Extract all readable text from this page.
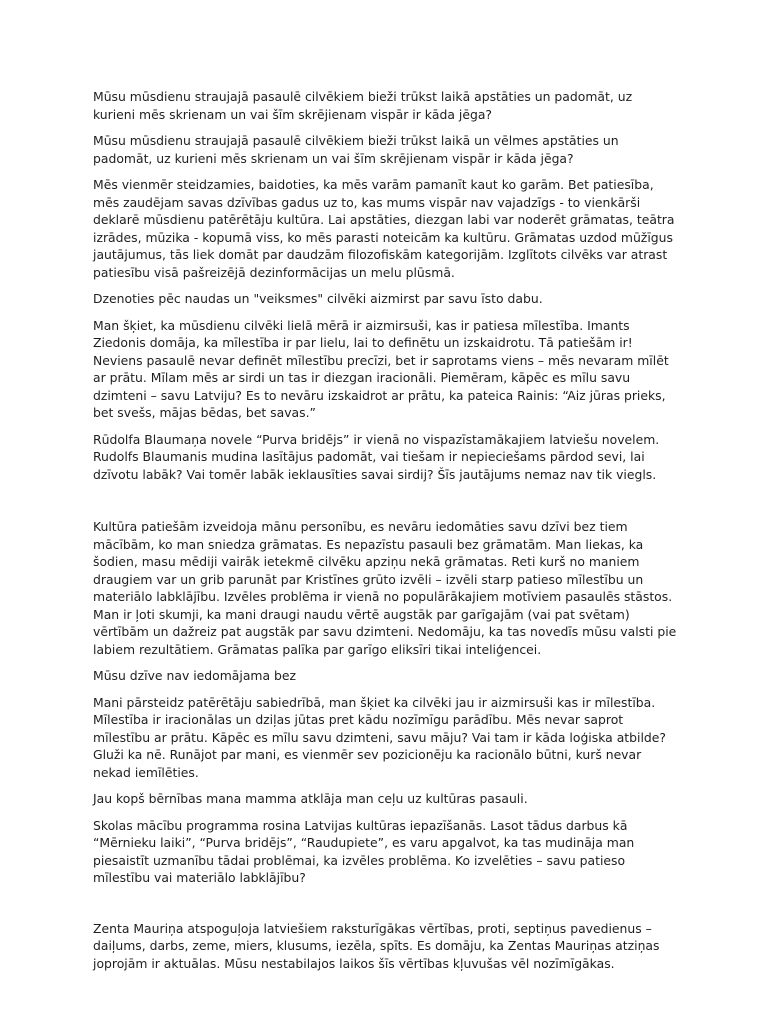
Mūsu mūsdienu straujajā pasaulē cilvēkiem bieži trūkst laikā apstāties un padomāt, uz kurieni mēs skrienam un vai šīm skrējienam vispār ir kāda jēga?

Mūsu mūsdienu straujajā pasaulē cilvēkiem bieži trūkst laikā un vēlmes apstāties un padomāt, uz kurieni mēs skrienam un vai šīm skrējienam vispār ir kāda jēga?

Mēs vienmēr steidzamies, baidoties, ka mēs varām pamanīt kaut ko garām. Bet patiesība, mēs zaudējam savas dzīvības gadus uz to, kas mums vispār nav vajadzīgs - to vienkārši deklarē mūsdienu patērētāju kultūra. Lai apstāties, diezgan labi var noderēt grāmatas, teātra izrādes, mūzika - kopumā viss, ko mēs parasti noteicām ka kultūru. Grāmatas uzdod mūžīgus jautājumus, tās liek domāt par daudzām filozofiskām kategorijām. Izglītots cilvēks var atrast patiesību visā pašreizējā dezinformācijas un melu plūsmā.

Dzenoties pēc naudas un "veiksmes" cilvēki aizmirst par savu īsto dabu.

Man šķiet, ka mūsdienu cilvēki lielā mērā ir aizmirsuši, kas ir patiesa mīlestība. Imants Ziedonis domāja, ka mīlestība ir par lielu, lai to definētu un izskaidrotu. Tā patiešām ir! Neviens pasaulē nevar definēt mīlestību precīzi, bet ir saprotams viens – mēs nevaram mīlēt ar prātu. Mīlam mēs ar sirdi un tas ir diezgan iracionāli. Piemēram, kāpēc es mīlu savu dzimteni – savu Latviju? Es to nevāru izskaidrot ar prātu, ka pateica Rainis: “Aiz jūras prieks, bet svešs, mājas bēdas, bet savas.”

Rūdolfa Blaumaņa novele “Purva bridējs” ir vienā no vispazīstamākajiem latviešu novelem. Rudolfs Blaumanis mudina lasītājus padomāt, vai tiešam ir nepieciešams pārdod sevi, lai dzīvotu labāk? Vai tomēr labāk ieklausīties savai sirdij? Šīs jautājums nemaz nav tik viegls.

Kultūra patiešām izveidoja mānu personību, es nevāru iedomāties savu dzīvi bez tiem mācībām, ko man sniedza grāmatas. Es nepazīstu pasauli bez grāmatām. Man liekas, ka šodien, masu mēdiji vairāk ietekmē cilvēku apziņu nekā grāmatas. Reti kurš no maniem draugiem var un grib parunāt par Kristīnes grūto izvēli – izvēli starp patieso mīlestību un materiālo labklājību. Izvēles problēma ir vienā no populārākajiem motīviem pasaulēs stāstos. Man ir ļoti skumji, ka mani draugi naudu vērtē augstāk par garīgajām (vai pat svētam) vērtībām un dažreiz pat augstāk par savu dzimteni. Nedomāju, ka tas novedīs mūsu valsti pie labiem rezultātiem. Grāmatas palīka par garīgo eliksīri tikai inteliģencei.

Mūsu dzīve nav iedomājama bez

Mani pārsteidz patērētāju sabiedrībā, man šķiet ka cilvēki jau ir aizmirsuši kas ir mīlestība. Mīlestība ir iracionālas un dziļas jūtas pret kādu nozīmīgu parādību. Mēs nevar saprot mīlestību ar prātu. Kāpēc es mīlu savu dzimteni, savu māju? Vai tam ir kāda loģiska atbilde? Gluži ka nē. Runājot par mani, es vienmēr sev pozicionēju ka racionālo būtni, kurš nevar nekad iemīlēties.

Jau kopš bērnības mana mamma atklāja man ceļu uz kultūras pasauli.

Skolas mācību programma rosina Latvijas kultūras iepazīšanās. Lasot tādus darbus kā “Mērnieku laiki”, “Purva bridējs”, “Raudupiete”, es varu apgalvot, ka tas mudināja man piesaistīt uzmanību tādai problēmai, ka izvēles problēma. Ko izvelēties – savu patieso mīlestību vai materiālo labklājību?

Zenta Mauriņa atspoguļoja latviešiem raksturīgākas vērtības, proti, septiņus pavedienus – daiļums, darbs, zeme, miers, klusums, iezēla, spīts. Es domāju, ka Zentas Mauriņas atziņas joprojām ir aktuālas. Mūsu nestabilajos laikos šīs vērtības kļuvušas vēl nozīmīgākas.
